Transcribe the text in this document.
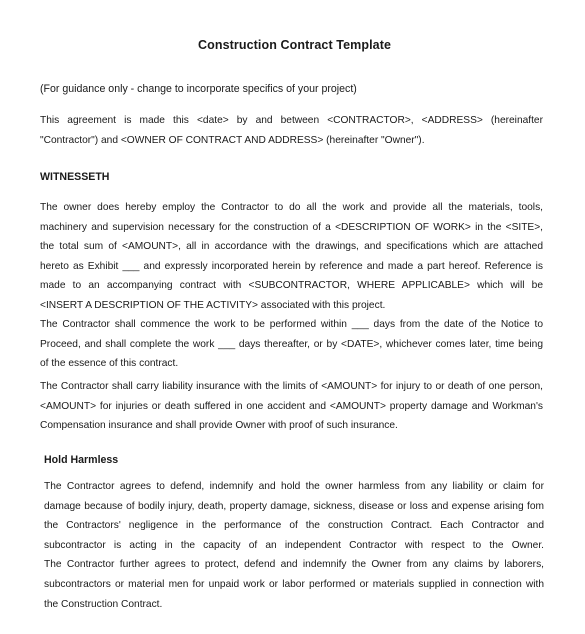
Construction Contract Template
(For guidance only - change to incorporate specifics of your project)
This agreement is made this <date> by and between <CONTRACTOR>, <ADDRESS> (hereinafter
"Contractor") and <OWNER OF CONTRACT AND ADDRESS> (hereinafter "Owner").
WITNESSETH
The owner does hereby employ the Contractor to do all the work and provide all the materials, tools,
machinery and supervision necessary for the construction of a <DESCRIPTION OF WORK> in the <SITE>,
the total sum of <AMOUNT>, all in accordance with the drawings, and specifications which are attached
hereto as Exhibit ___ and expressly incorporated herein by reference and made a part hereof. Reference is
made to an accompanying contract with <SUBCONTRACTOR, WHERE APPLICABLE> which will be
<INSERT A DESCRIPTION OF THE ACTIVITY> associated with this project.
The Contractor shall commence the work to be performed within ___ days from the date of the Notice to
Proceed, and shall complete the work ___ days thereafter, or by <DATE>, whichever comes later, time being
of the essence of this contract.
The Contractor shall carry liability insurance with the limits of <AMOUNT> for injury to or death of one person,
<AMOUNT> for injuries or death suffered in one accident and <AMOUNT> property damage and Workman's
Compensation insurance and shall provide Owner with proof of such insurance.
Hold Harmless
The Contractor agrees to defend, indemnify and hold the owner harmless from any liability or claim for
damage because of bodily injury, death, property damage, sickness, disease or loss and expense arising fom
the Contractors' negligence in the performance of the construction Contract. Each Contractor and
subcontractor is acting in the capacity of an independent Contractor with respect to the Owner.
The Contractor further agrees to protect, defend and indemnify the Owner from any claims by laborers,
subcontractors or material men for unpaid work or labor performed or materials supplied in connection with
the Construction Contract.
